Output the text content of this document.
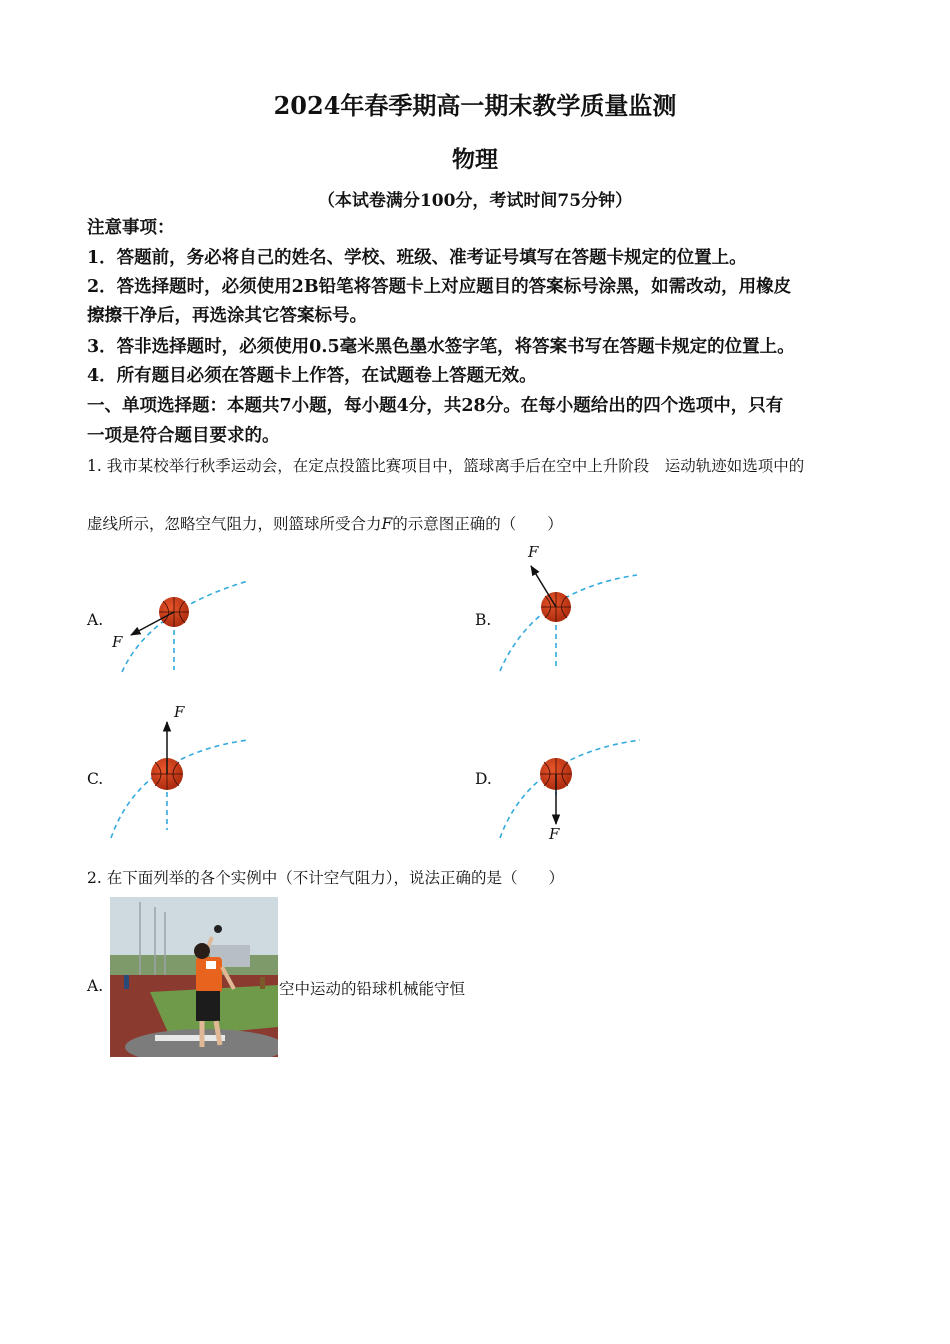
2024年春季期高一期末教学质量监测
物理
（本试卷满分100分，考试时间75分钟）
注意事项：
1．答题前，务必将自己的姓名、学校、班级、准考证号填写在答题卡规定的位置上。
2．答选择题时，必须使用2B铅笔将答题卡上对应题目的答案标号涂黑，如需改动，用橡皮
擦擦干净后，再选涂其它答案标号。
3．答非选择题时，必须使用0.5毫米黑色墨水签字笔，将答案书写在答题卡规定的位置上。
4．所有题目必须在答题卡上作答，在试题卷上答题无效。
一、单项选择题：本题共7小题，每小题4分，共28分。在每小题给出的四个选项中，只有
一项是符合题目要求的。
1. 我市某校举行秋季运动会，在定点投篮比赛项目中，篮球离手后在空中上升阶段　运动轨迹如选项中的
虚线所示，忽略空气阻力，则篮球所受合力F的示意图正确的（　　）
A.	B.
C.	D.
F
F
F
F
2. 在下面列举的各个实例中（不计空气阻力），说法正确的是（　　）
A.	空中运动的铅球机械能守恒
